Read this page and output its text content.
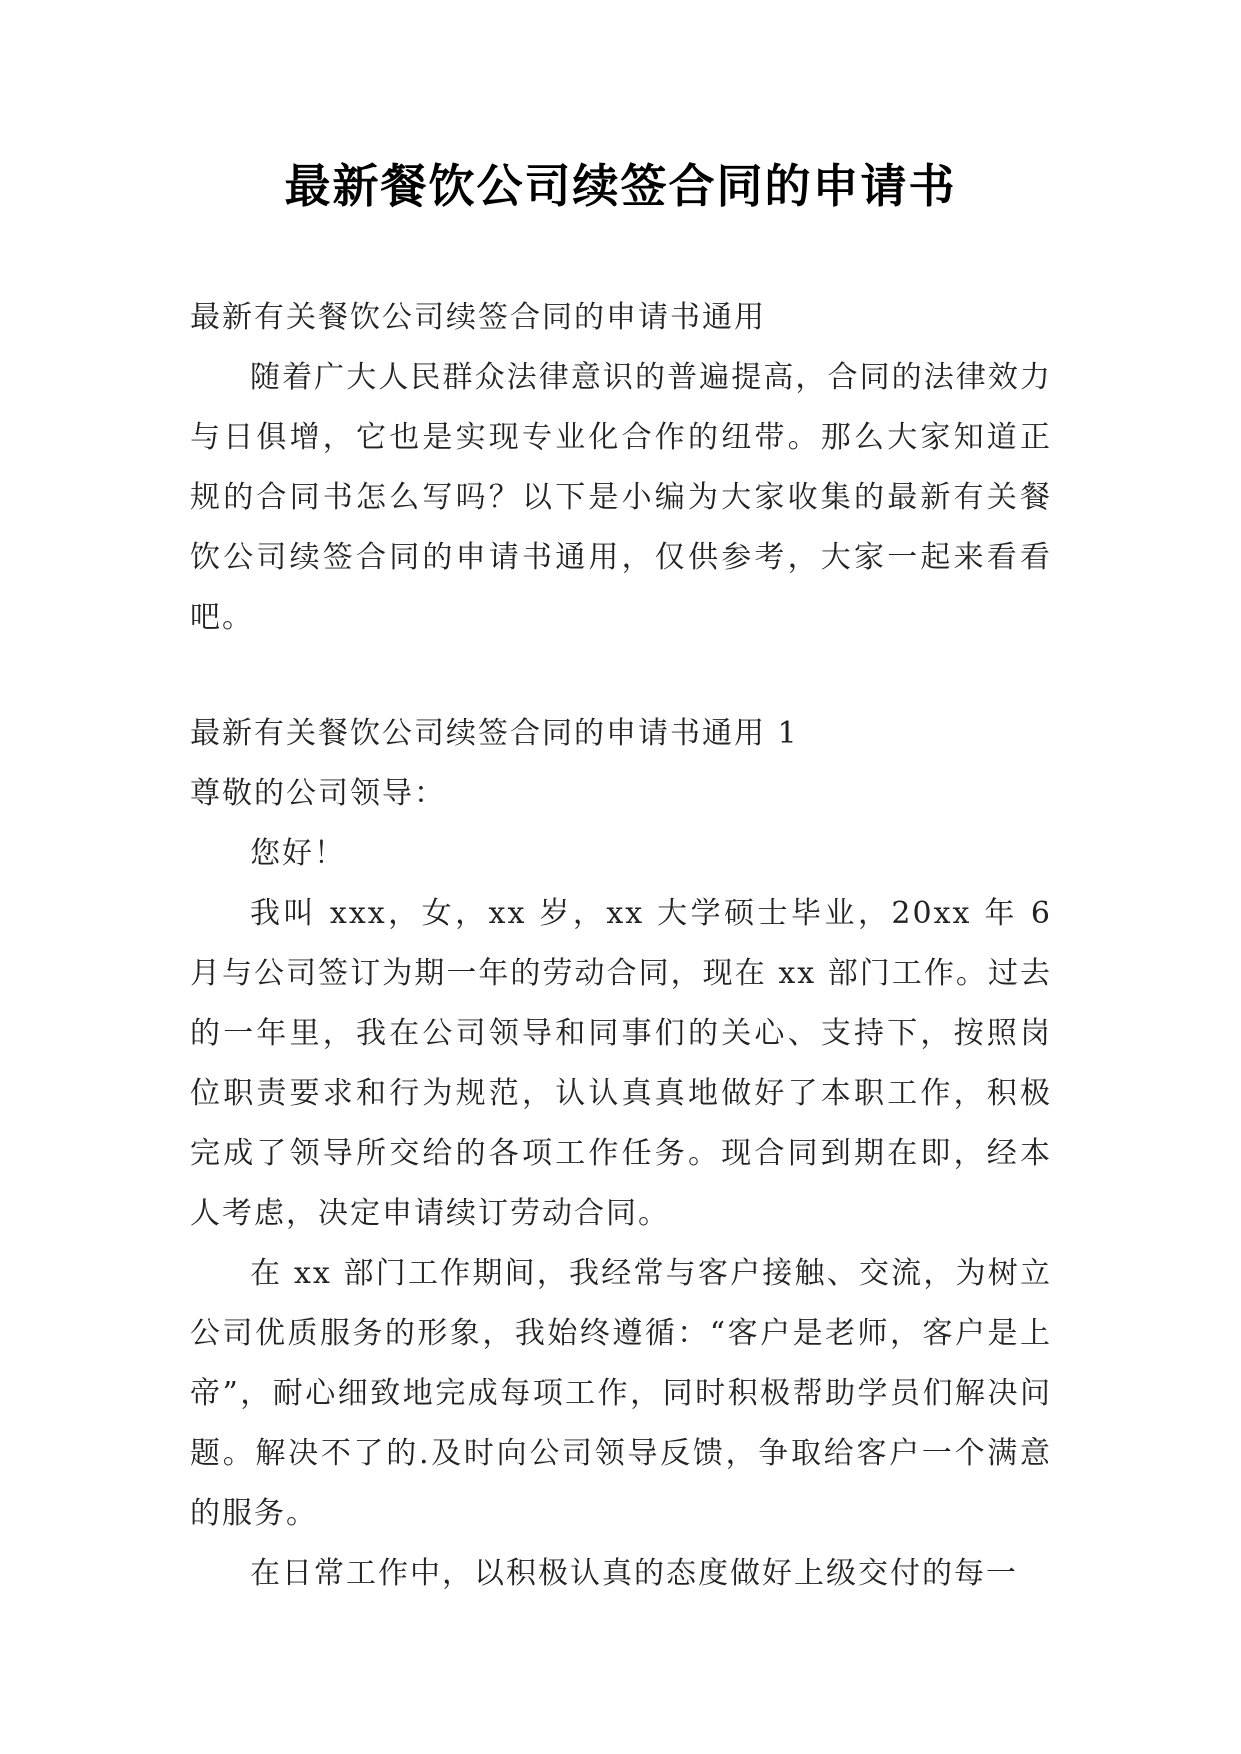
最新餐饮公司续签合同的申请书

最新有关餐饮公司续签合同的申请书通用

随着广大人民群众法律意识的普遍提高，合同的法律效力与日俱增，它也是实现专业化合作的纽带。那么大家知道正规的合同书怎么写吗？以下是小编为大家收集的最新有关餐饮公司续签合同的申请书通用，仅供参考，大家一起来看看吧。

最新有关餐饮公司续签合同的申请书通用 1

尊敬的公司领导：

您好！

我叫 xxx，女，xx 岁，xx 大学硕士毕业，20xx 年 6 月与公司签订为期一年的劳动合同，现在 xx 部门工作。过去的一年里，我在公司领导和同事们的关心、支持下，按照岗位职责要求和行为规范，认认真真地做好了本职工作，积极完成了领导所交给的各项工作任务。现合同到期在即，经本人考虑，决定申请续订劳动合同。

在 xx 部门工作期间，我经常与客户接触、交流，为树立公司优质服务的形象，我始终遵循：“客户是老师，客户是上帝”，耐心细致地完成每项工作，同时积极帮助学员们解决问题。解决不了的.及时向公司领导反馈，争取给客户一个满意的服务。

在日常工作中，以积极认真的态度做好上级交付的每一
